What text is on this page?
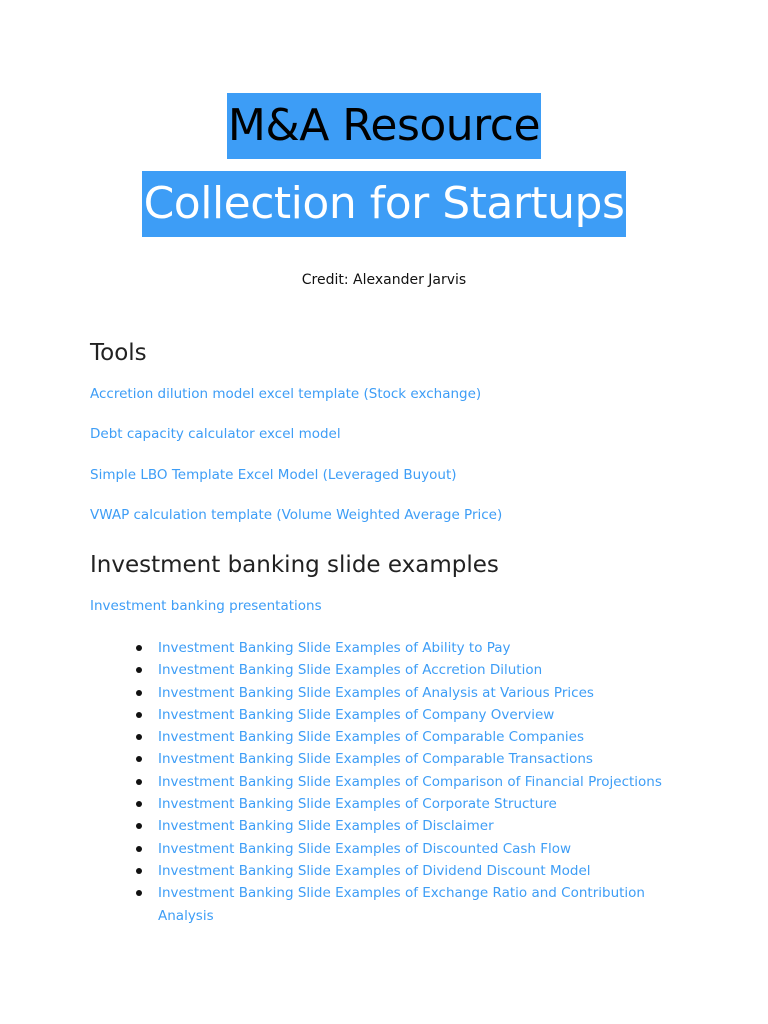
M&A Resource
Collection for Startups
Credit: Alexander Jarvis
Tools
Accretion dilution model excel template (Stock exchange)
Debt capacity calculator excel model
Simple LBO Template Excel Model (Leveraged Buyout)
VWAP calculation template (Volume Weighted Average Price)
Investment banking slide examples
Investment banking presentations
Investment Banking Slide Examples of Ability to Pay
Investment Banking Slide Examples of Accretion Dilution
Investment Banking Slide Examples of Analysis at Various Prices
Investment Banking Slide Examples of Company Overview
Investment Banking Slide Examples of Comparable Companies
Investment Banking Slide Examples of Comparable Transactions
Investment Banking Slide Examples of Comparison of Financial Projections
Investment Banking Slide Examples of Corporate Structure
Investment Banking Slide Examples of Disclaimer
Investment Banking Slide Examples of Discounted Cash Flow
Investment Banking Slide Examples of Dividend Discount Model
Investment Banking Slide Examples of Exchange Ratio and Contribution Analysis
